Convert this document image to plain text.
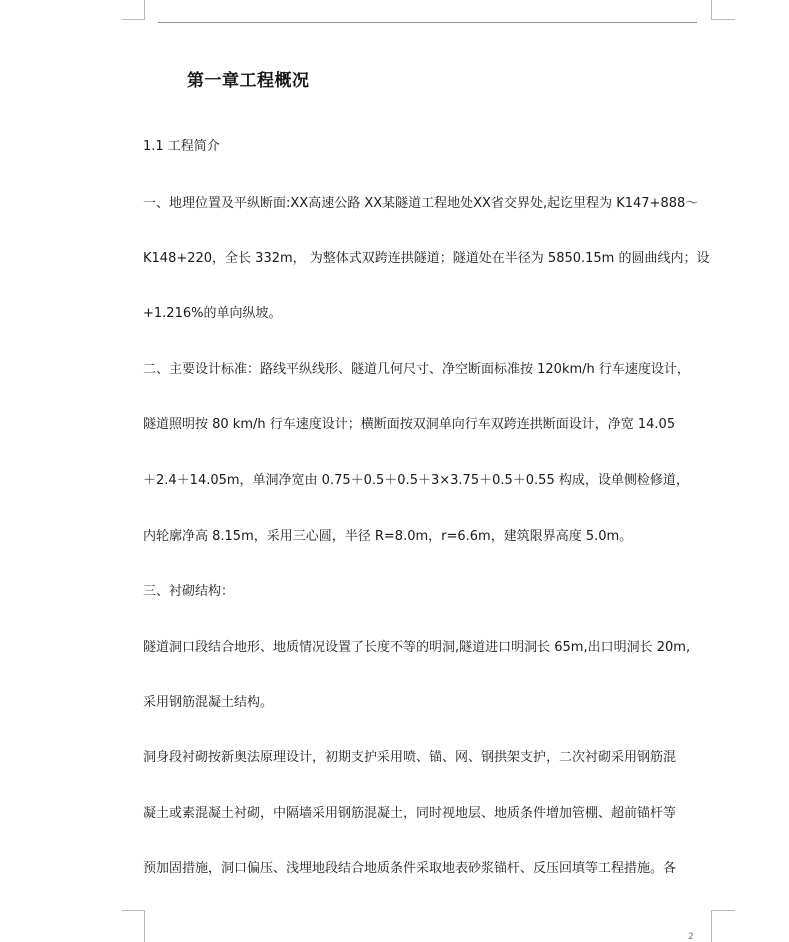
第一章工程概况
1.1 工程简介
一、地理位置及平纵断面:XX高速公路 XX某隧道工程地处XX省交界处,起讫里程为 K147+888～
K148+220，全长 332m， 为整体式双跨连拱隧道；隧道处在半径为 5850.15m 的圆曲线内；设
+1.216%的单向纵坡。
二、主要设计标准：路线平纵线形、隧道几何尺寸、净空断面标准按 120km/h 行车速度设计，
隧道照明按 80 km/h 行车速度设计；横断面按双洞单向行车双跨连拱断面设计，净宽 14.05
＋2.4＋14.05m，单洞净宽由 0.75＋0.5＋0.5＋3×3.75＋0.5＋0.55 构成，设单侧检修道，
内轮廓净高 8.15m，采用三心圆，半径 R=8.0m，r=6.6m，建筑限界高度 5.0m。
三、衬砌结构：
隧道洞口段结合地形、地质情况设置了长度不等的明洞,隧道进口明洞长 65m,出口明洞长 20m,
采用钢筋混凝土结构。
洞身段衬砌按新奥法原理设计，初期支护采用喷、锚、网、钢拱架支护，二次衬砌采用钢筋混
凝土或素混凝土衬砌，中隔墙采用钢筋混凝土，同时视地层、地质条件增加管棚、超前锚杆等
预加固措施，洞口偏压、浅埋地段结合地质条件采取地表砂浆锚杆、反压回填等工程措施。各
2
